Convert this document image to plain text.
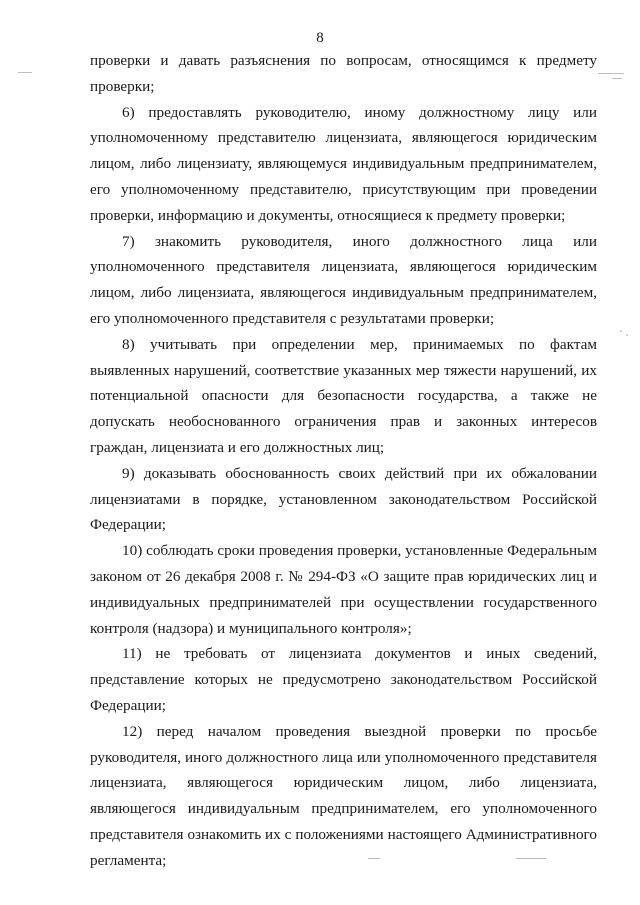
8

проверки и давать разъяснения по вопросам, относящимся к предмету проверки;

6) предоставлять руководителю, иному должностному лицу или уполномоченному представителю лицензиата, являющегося юридическим лицом, либо лицензиату, являющемуся индивидуальным предпринимателем, его уполномоченному представителю, присутствующим при проведении проверки, информацию и документы, относящиеся к предмету проверки;

7) знакомить руководителя, иного должностного лица или уполномоченного представителя лицензиата, являющегося юридическим лицом, либо лицензиата, являющегося индивидуальным предпринимателем, его уполномоченного представителя с результатами проверки;

8) учитывать при определении мер, принимаемых по фактам выявленных нарушений, соответствие указанных мер тяжести нарушений, их потенциальной опасности для безопасности государства, а также не допускать необоснованного ограничения прав и законных интересов граждан, лицензиата и его должностных лиц;

9) доказывать обоснованность своих действий при их обжаловании лицензиатами в порядке, установленном законодательством Российской Федерации;

10) соблюдать сроки проведения проверки, установленные Федеральным законом от 26 декабря 2008 г. № 294-ФЗ «О защите прав юридических лиц и индивидуальных предпринимателей при осуществлении государственного контроля (надзора) и муниципального контроля»;

11) не требовать от лицензиата документов и иных сведений, представление которых не предусмотрено законодательством Российской Федерации;

12) перед началом проведения выездной проверки по просьбе руководителя, иного должностного лица или уполномоченного представителя лицензиата, являющегося юридическим лицом, либо лицензиата, являющегося индивидуальным предпринимателем, его уполномоченного представителя ознакомить их с положениями настоящего Административного регламента;
